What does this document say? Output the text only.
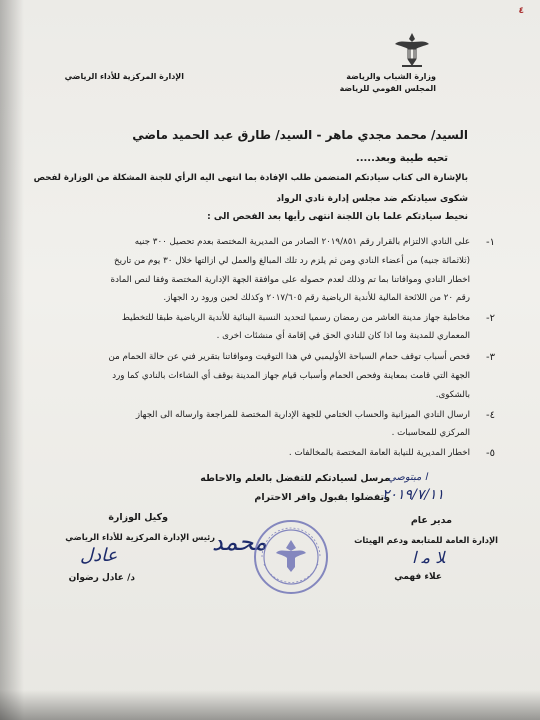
٤
وزارة الشباب والرياضة
المجلس القومي للرياضة
الإدارة المركزية للأداء الرياضي
السيد/ محمد مجدي ماهر - السيد/ طارق عبد الحميد ماضي
تحيه طيبة وبعد.....
بالإشارة الى كتاب سيادتكم المتضمن طلب الإفادة بما انتهى اليه الرأي للجنة المشكلة من الوزارة لفحص
شكوى سيادتكم ضد مجلس إدارة نادي الرواد
نحيط سيادتكم علما بان اللجنة انتهى رأيها بعد الفحص الى :
١-
على النادي الالتزام بالقرار رقم ٢٠١٩/٨٥١ الصادر من المديرية المختصة بعدم تحصيل ٣٠٠ جنيه
(ثلاثمائة جنيه) من أعضاء النادي ومن ثم يلزم رد تلك المبالغ والعمل لي ازالتها خلال ٣٠ يوم من تاريخ
اخطار النادي وموافاتنا بما تم وذلك لعدم حصوله على موافقة الجهة الإدارية المختصة وفقا لنص المادة
رقم ٢٠ من اللائحة المالية للأندية الرياضية رقم ٢٠١٧/٦٠٥ وكذلك لحين ورود رد الجهاز.
٢-
مخاطبة جهاز مدينة العاشر من رمضان رسميا لتحديد النسبة البنائية للأندية الرياضية طبقا للتخطيط
المعماري للمدينة وما اذا كان للنادي الحق في إقامة أي منشئات اخرى .
٣-
فحص أسباب توقف حمام السباحة الأوليمبي في هذا التوقيت وموافاتنا بتقرير فني عن حالة الحمام من
الجهة التي قامت بمعاينة وفحص الحمام وأسباب قيام جهاز المدينة بوقف أي الشاءات بالنادي كما ورد
بالشكوى.
٤-
ارسال النادي الميزانية والحساب الختامي للجهة الإدارية المختصة للمراجعة وارساله الى الجهاز
المركزي للمحاسبات .
٥-
اخطار المديرية للنيابة العامة المختصة بالمخالفات .
مرسل لسيادتكم للتفضل بالعلم والاحاطه
وتفضلوا بقبول وافر الاحترام
ا مبتوصي
٢٠١٩/٧/١١
مدير عام
الإدارة العامة للمتابعة ودعم الهيئات
علاء فهمي
ﻼ ﻣ ﺍ
وكيل الوزارة
رئيس الإدارة المركزية للأداء الرياضي
د/ عادل رضوان
ﻋﺎﺩﻝ	ﻣﺤﻤﺪ
